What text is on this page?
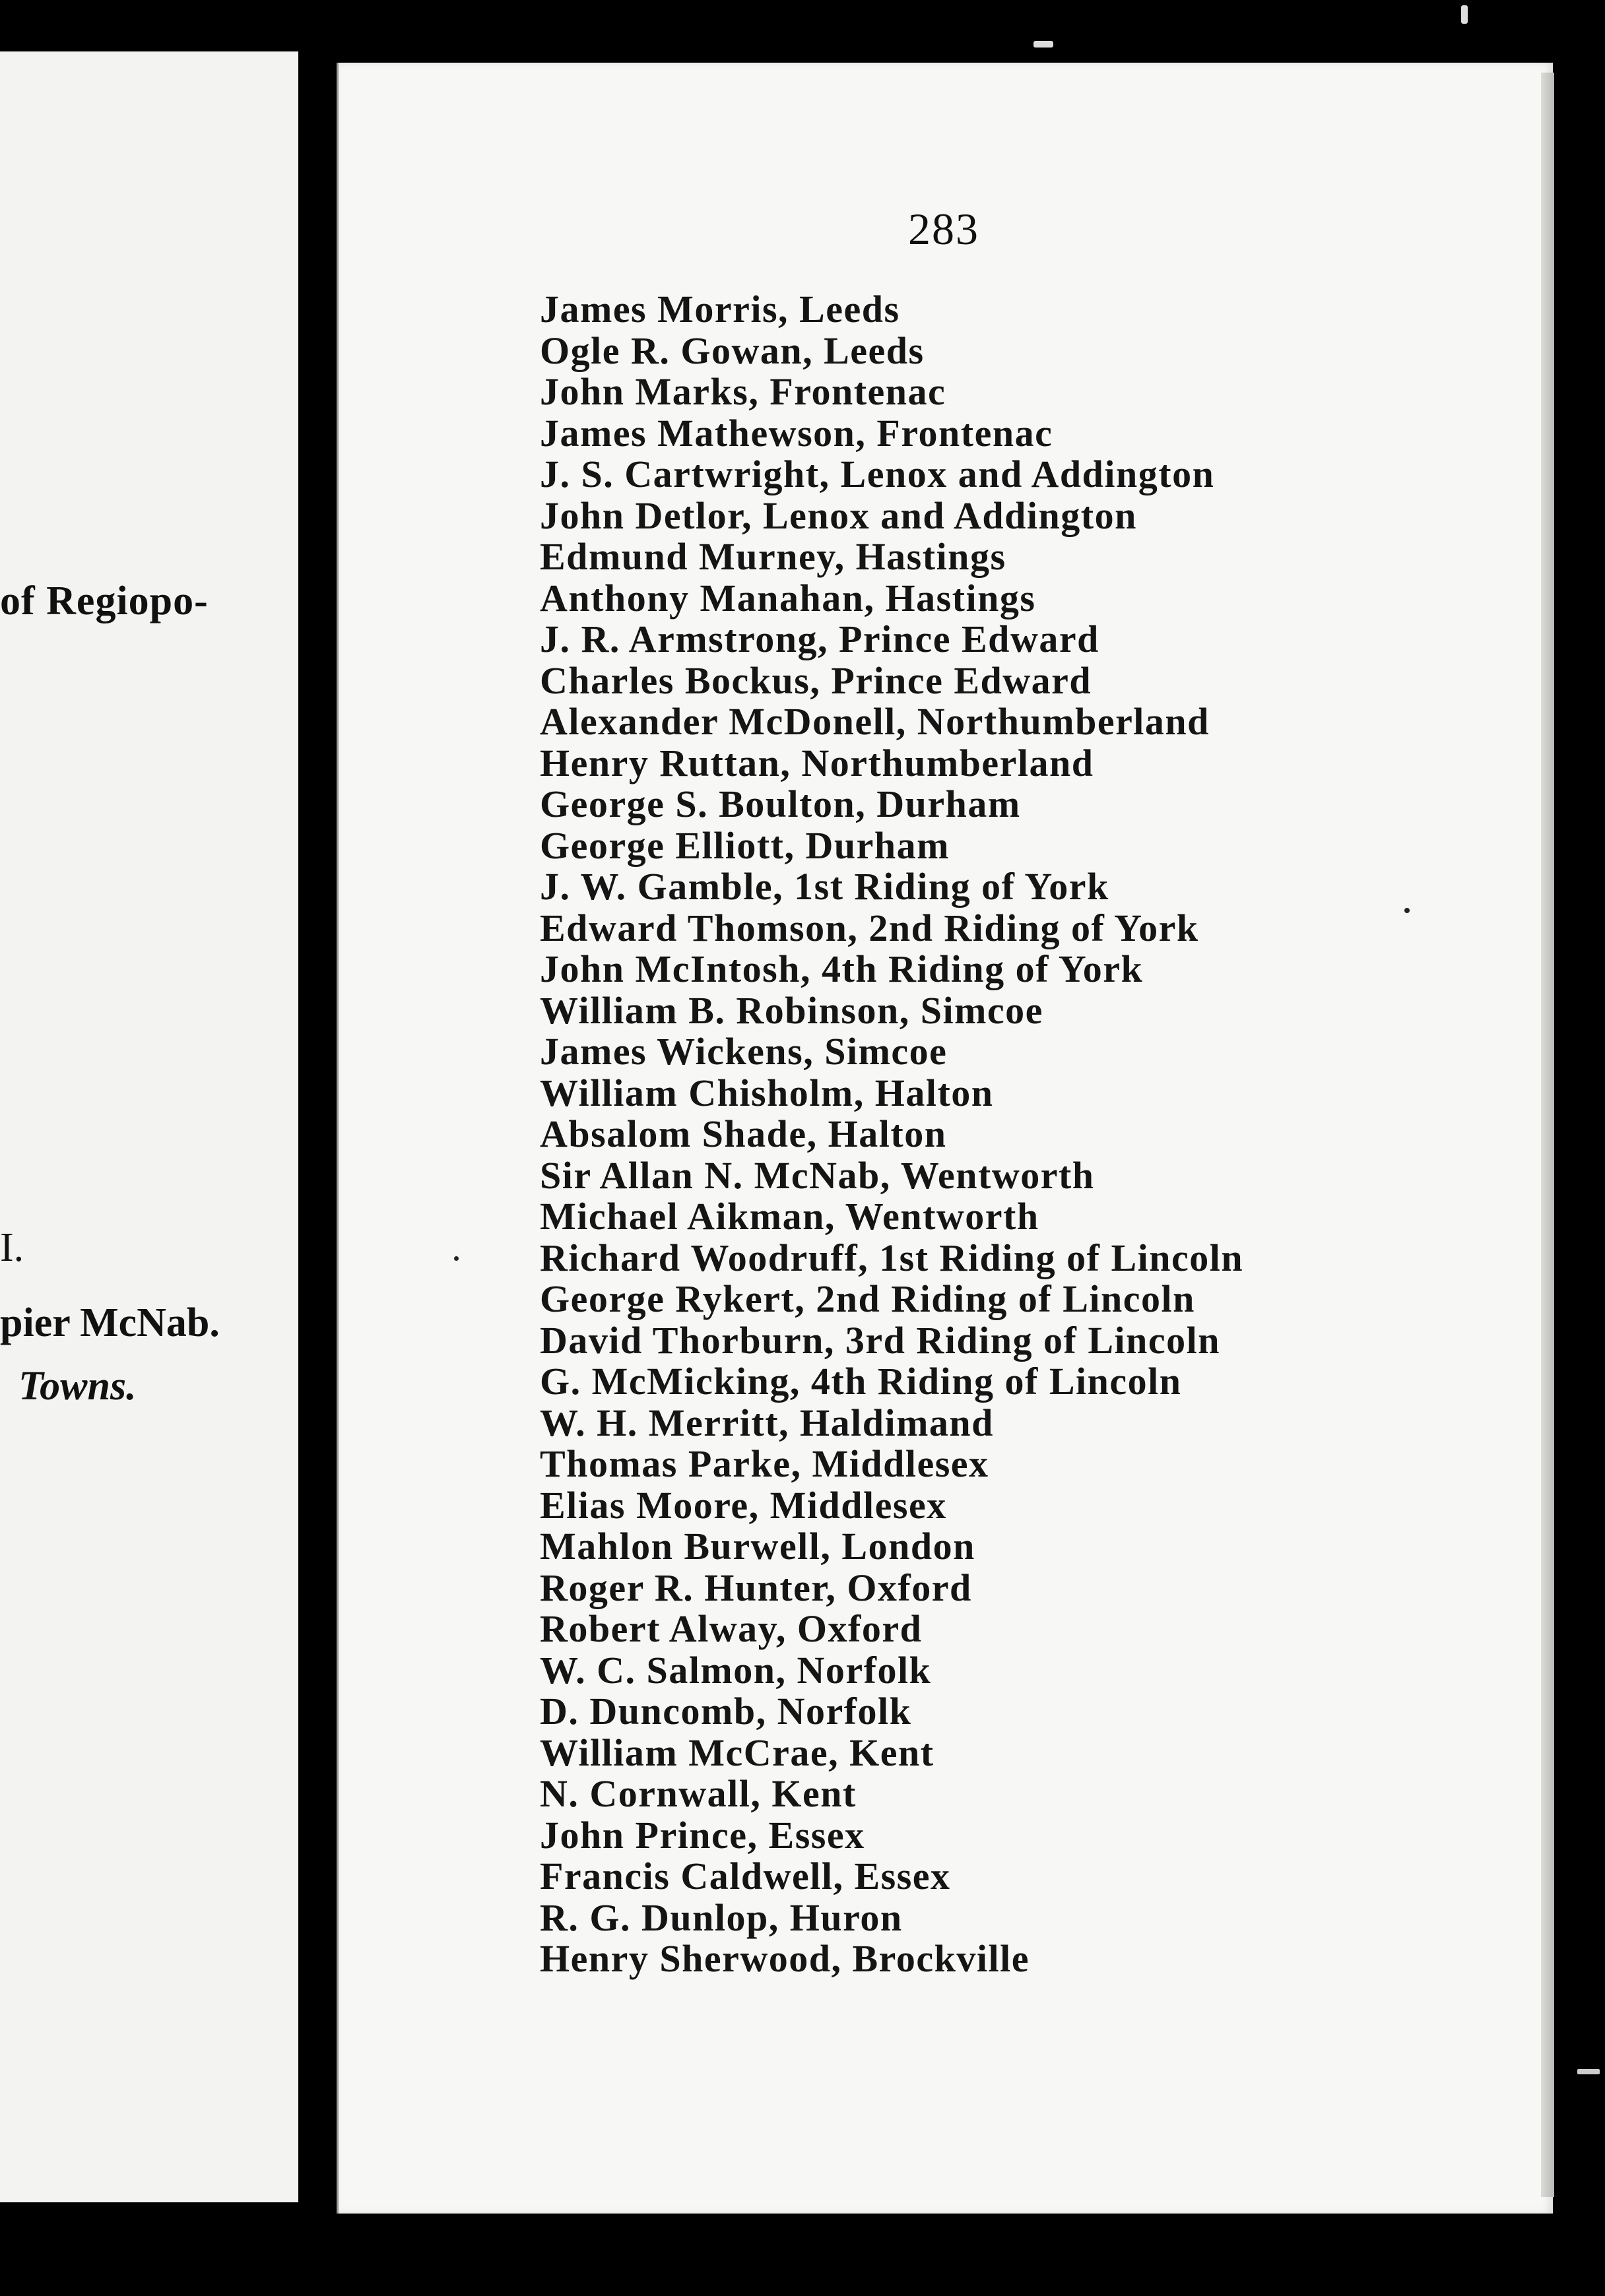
of Regiopo-
I.
pier McNab.
Towns.
283
James Morris, Leeds
Ogle R. Gowan, Leeds
John Marks, Frontenac
James Mathewson, Frontenac
J. S. Cartwright, Lenox and Addington
John Detlor, Lenox and Addington
Edmund Murney, Hastings
Anthony Manahan, Hastings
J. R. Armstrong, Prince Edward
Charles Bockus, Prince Edward
Alexander McDonell, Northumberland
Henry Ruttan, Northumberland
George S. Boulton, Durham
George Elliott, Durham
J. W. Gamble, 1st Riding of York
Edward Thomson, 2nd Riding of York
John McIntosh, 4th Riding of York
William B. Robinson, Simcoe
James Wickens, Simcoe
William Chisholm, Halton
Absalom Shade, Halton
Sir Allan N. McNab, Wentworth
Michael Aikman, Wentworth
Richard Woodruff, 1st Riding of Lincoln
George Rykert, 2nd Riding of Lincoln
David Thorburn, 3rd Riding of Lincoln
G. McMicking, 4th Riding of Lincoln
W. H. Merritt, Haldimand
Thomas Parke, Middlesex
Elias Moore, Middlesex
Mahlon Burwell, London
Roger R. Hunter, Oxford
Robert Alway, Oxford
W. C. Salmon, Norfolk
D. Duncomb, Norfolk
William McCrae, Kent
N. Cornwall, Kent
John Prince, Essex
Francis Caldwell, Essex
R. G. Dunlop, Huron
Henry Sherwood, Brockville
